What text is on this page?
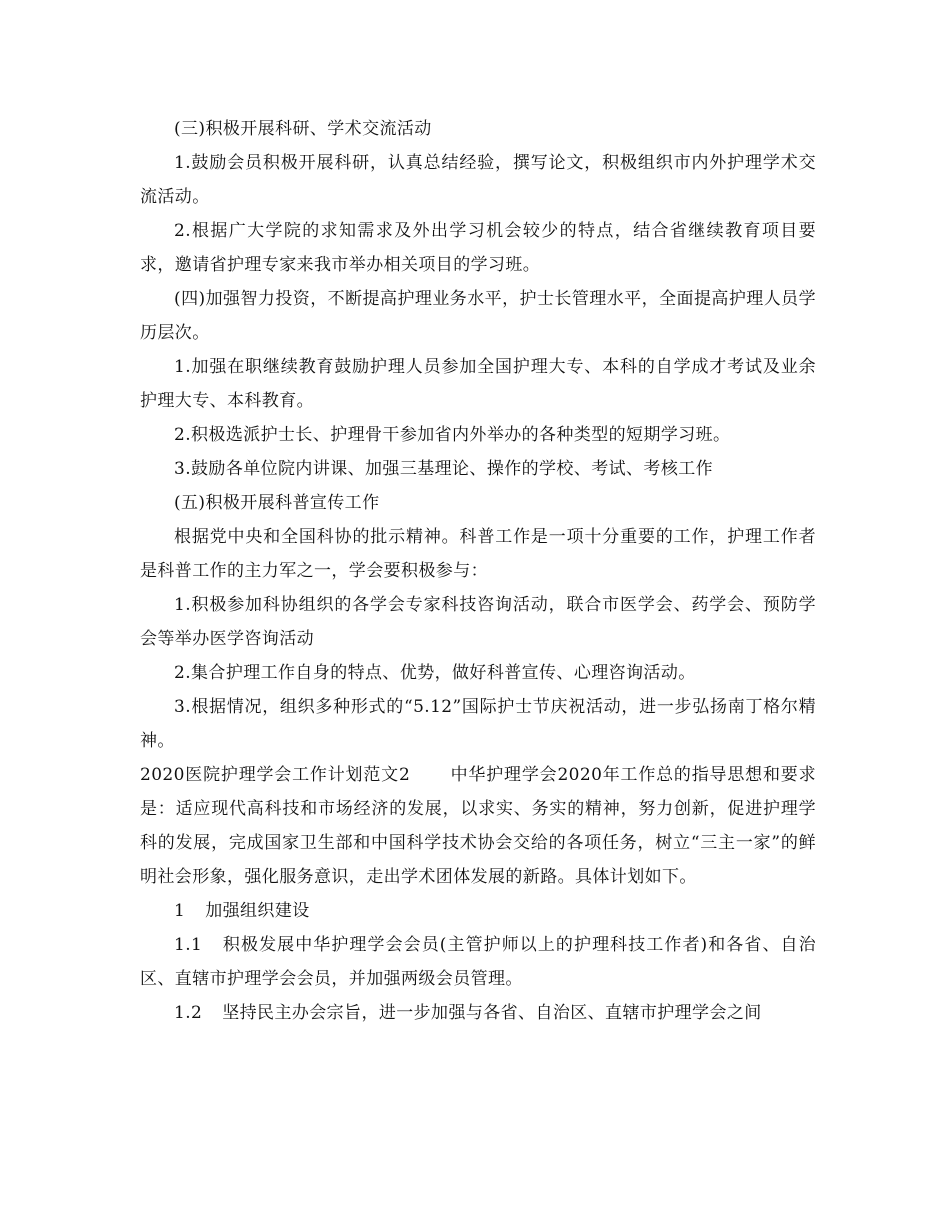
(三)积极开展科研、学术交流活动

1.鼓励会员积极开展科研，认真总结经验，撰写论文，积极组织市内外护理学术交流活动。

2.根据广大学院的求知需求及外出学习机会较少的特点，结合省继续教育项目要求，邀请省护理专家来我市举办相关项目的学习班。

(四)加强智力投资，不断提高护理业务水平，护士长管理水平，全面提高护理人员学历层次。

1.加强在职继续教育鼓励护理人员参加全国护理大专、本科的自学成才考试及业余护理大专、本科教育。

2.积极选派护士长、护理骨干参加省内外举办的各种类型的短期学习班。

3.鼓励各单位院内讲课、加强三基理论、操作的学校、考试、考核工作

(五)积极开展科普宣传工作

根据党中央和全国科协的批示精神。科普工作是一项十分重要的工作，护理工作者是科普工作的主力军之一，学会要积极参与：

1.积极参加科协组织的各学会专家科技咨询活动，联合市医学会、药学会、预防学会等举办医学咨询活动

2.集合护理工作自身的特点、优势，做好科普宣传、心理咨询活动。

3.根据情况，组织多种形式的“5.12”国际护士节庆祝活动，进一步弘扬南丁格尔精神。

2020医院护理学会工作计划范文2 中华护理学会2020年工作总的指导思想和要求是：适应现代高科技和市场经济的发展，以求实、务实的精神，努力创新，促进护理学科的发展，完成国家卫生部和中国科学技术协会交给的各项任务，树立“三主一家”的鲜明社会形象，强化服务意识，走出学术团体发展的新路。具体计划如下。

1 加强组织建设

1.1 积极发展中华护理学会会员(主管护师以上的护理科技工作者)和各省、自治区、直辖市护理学会会员，并加强两级会员管理。

1.2 坚持民主办会宗旨，进一步加强与各省、自治区、直辖市护理学会之间
